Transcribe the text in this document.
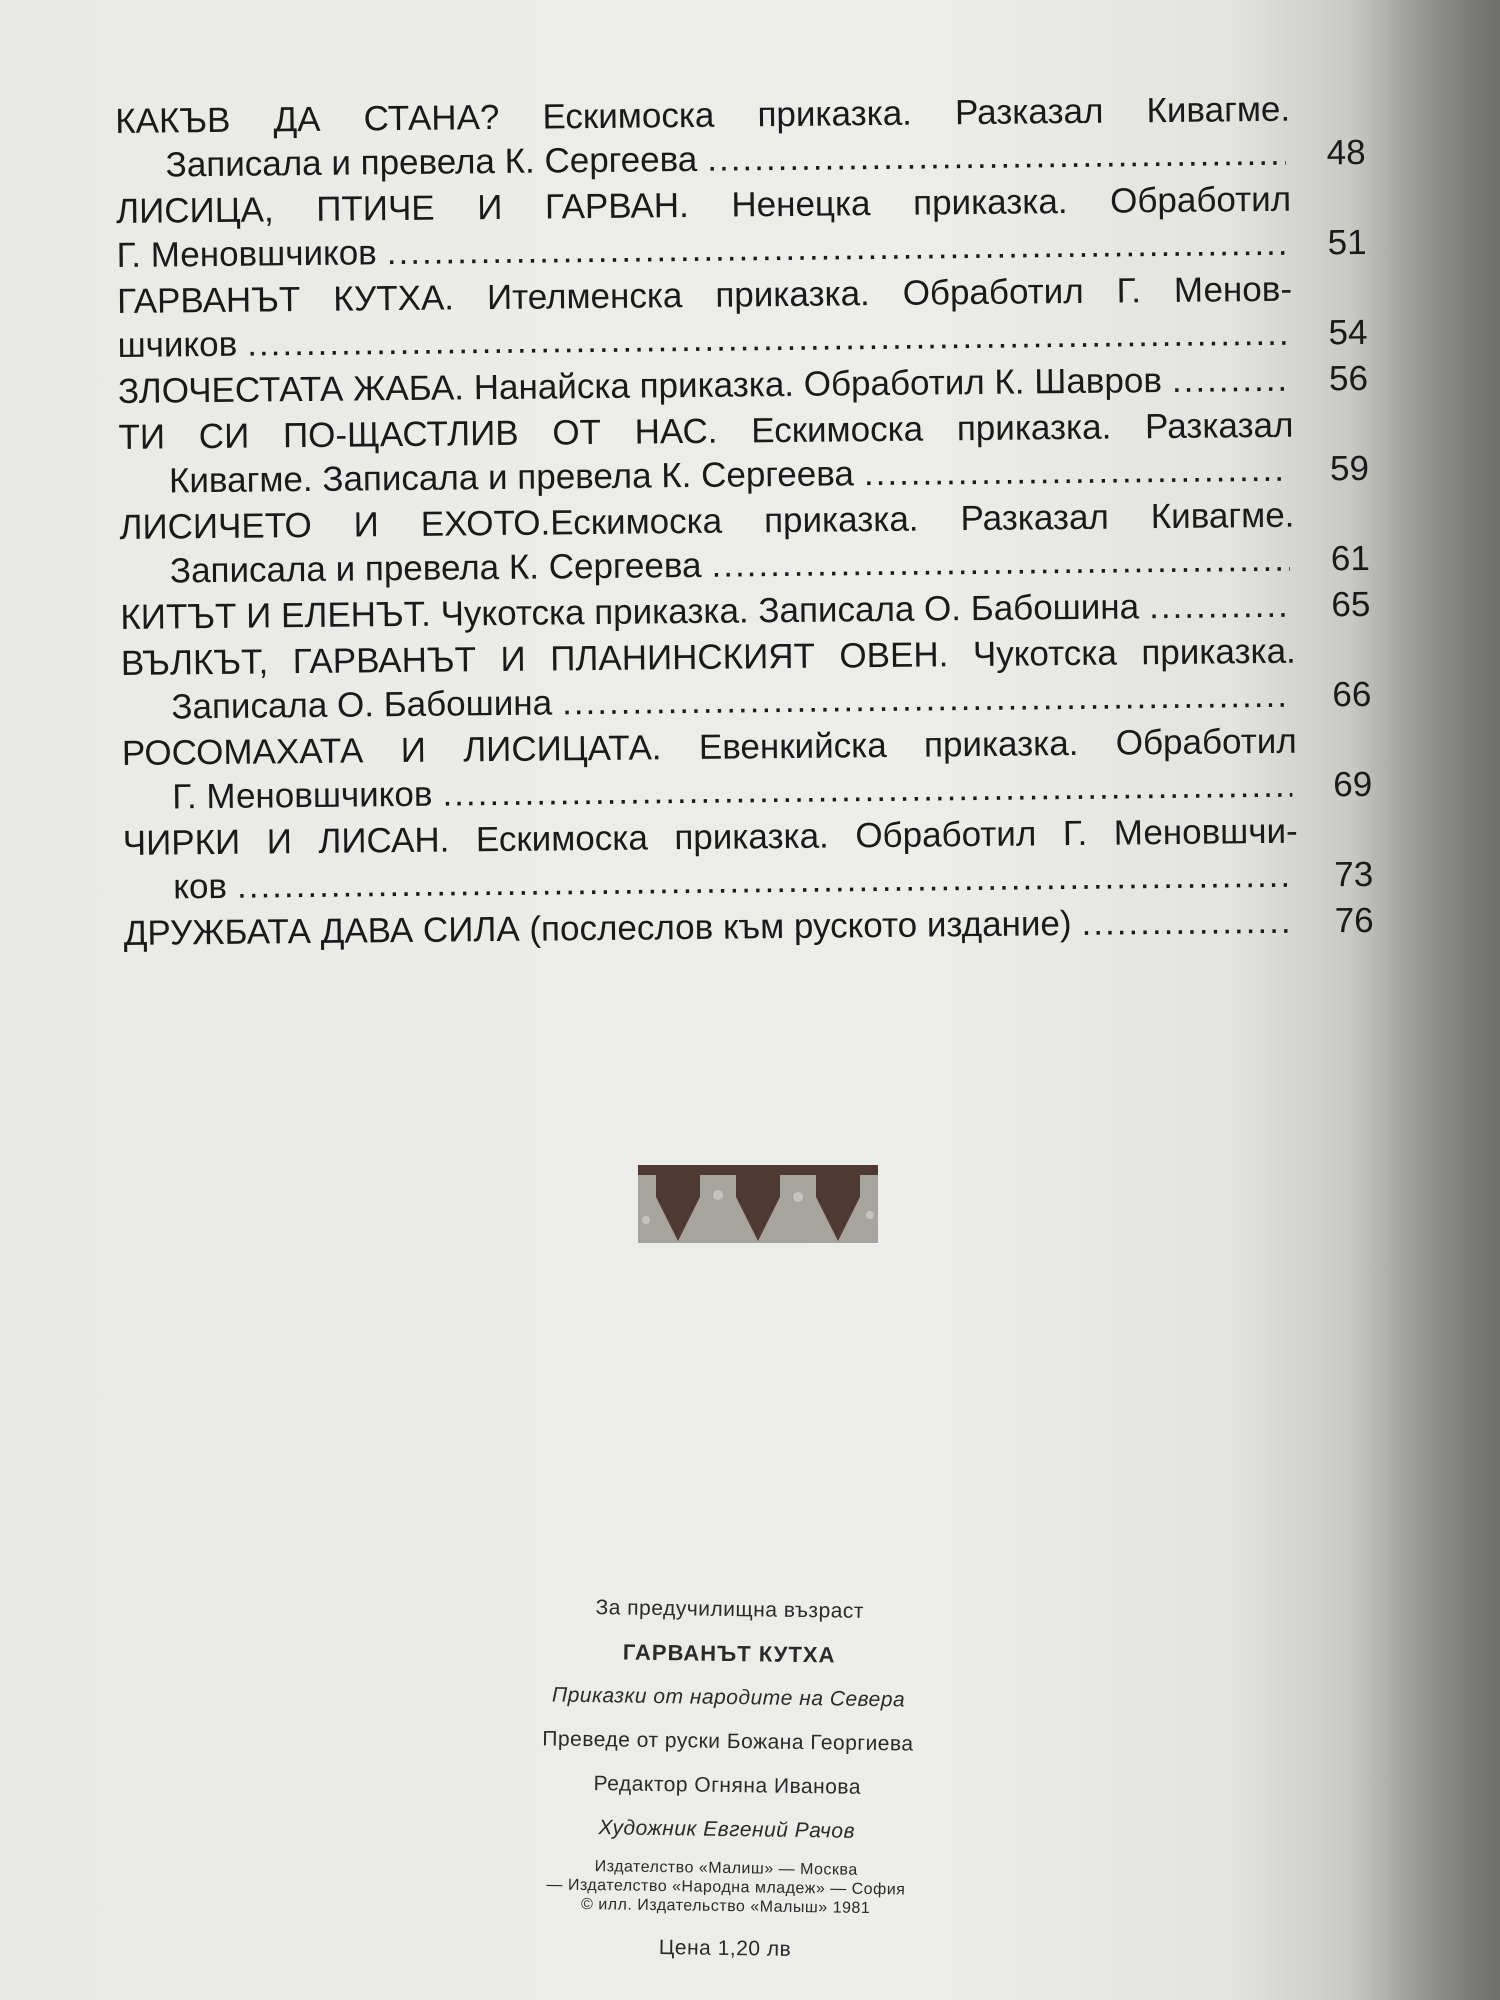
КАКЪВ ДА СТАНА? Ескимоска приказка. Разказал Кивагме.
Записала и превела К. Сергеева .....	48
ЛИСИЦА, ПТИЧЕ И ГАРВАН. Ненецка приказка. Обработил
Г. Меновшчиков .....	51
ГАРВАНЪТ КУТХА. Ителменска приказка. Обработил Г. Менов-
шчиков .....	54
ЗЛОЧЕСТАТА ЖАБА. Нанайска приказка. Обработил К. Шавров .....	56
ТИ СИ ПО-ЩАСТЛИВ ОТ НАС. Ескимоска приказка. Разказал
Кивагме. Записала и превела К. Сергеева .....	59
ЛИСИЧЕТО И ЕХОТО.Ескимоска приказка. Разказал Кивагме.
Записала и превела К. Сергеева .....	61
КИТЪТ И ЕЛЕНЪТ. Чукотска приказка. Записала О. Бабошина .....	65
ВЪЛКЪТ, ГАРВАНЪТ И ПЛАНИНСКИЯТ ОВЕН. Чукотска приказка.
Записала О. Бабошина .....	66
РОСОМАХАТА И ЛИСИЦАТА. Евенкийска приказка. Обработил
Г. Меновшчиков .....	69
ЧИРКИ И ЛИСАН. Ескимоска приказка. Обработил Г. Меновшчи-
ков .....	73
ДРУЖБАТА ДАВА СИЛА (послеслов към руското издание) .....	76
За предучилищна възраст
ГАРВАНЪТ КУТХА
Приказки от народите на Севера
Преведе от руски Божана Георгиева
Редактор Огняна Иванова
Художник Евгений Рачов
Издателство «Малиш» — Москва
— Издателство «Народна младеж» — София
© илл. Издательство «Малыш» 1981
Цена 1,20 лв
